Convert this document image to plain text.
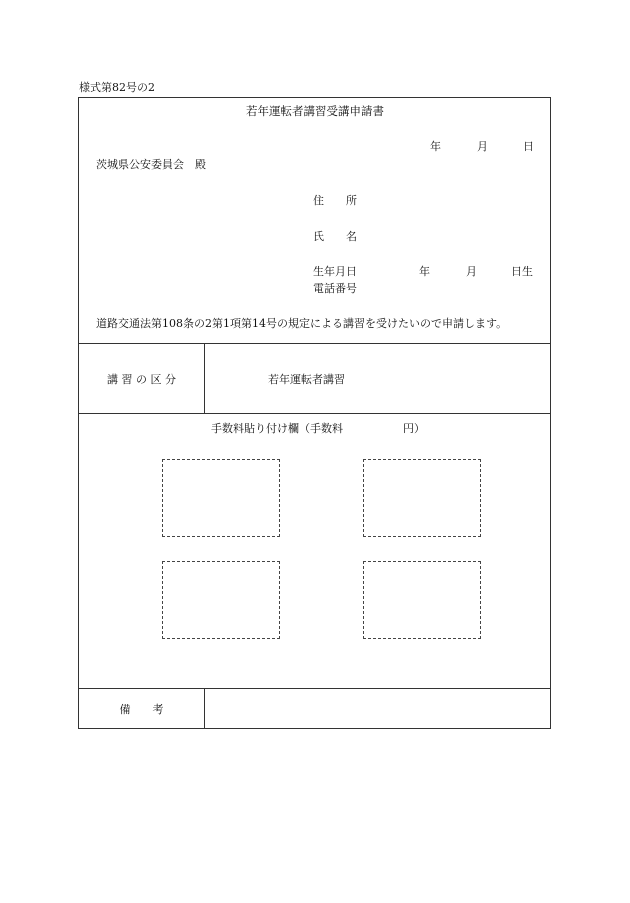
様式第82号の2
若年運転者講習受講申請書
年	月	日
茨城県公安委員会　殿
住　　所
氏　　名
生年月日	年	月	日生
電話番号
道路交通法第108条の2第1項第14号の規定による講習を受けたいので申請します。
講 習 の 区 分	若年運転者講習
手数料貼り付け欄（手数料	円）
備　　考
